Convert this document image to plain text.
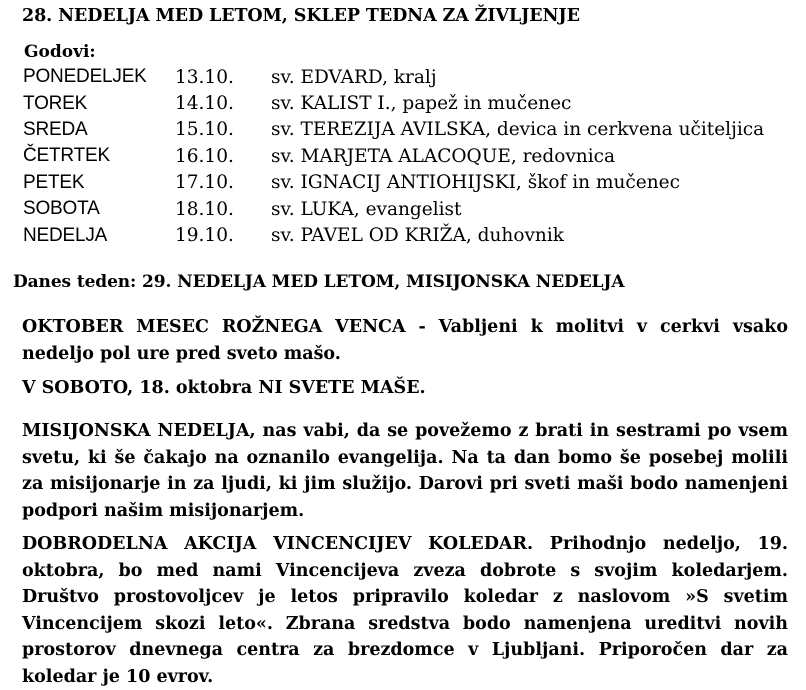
28. NEDELJA MED LETOM, SKLEP TEDNA ZA ŽIVLJENJE
Godovi:
PONEDELJEK	13.10.	sv. EDVARD, kralj
TOREK	14.10.	sv. KALIST I., papež in mučenec
SREDA	15.10.	sv. TEREZIJA AVILSKA, devica in cerkvena učiteljica
ČETRTEK	16.10.	sv. MARJETA ALACOQUE, redovnica
PETEK	17.10.	sv. IGNACIJ ANTIOHIJSKI, škof in mučenec
SOBOTA	18.10.	sv. LUKA, evangelist
NEDELJA	19.10.	sv. PAVEL OD KRIŽA, duhovnik
Danes teden: 29. NEDELJA MED LETOM, MISIJONSKA NEDELJA
OKTOBER MESEC ROŽNEGA VENCA - Vabljeni k molitvi v cerkvi vsako nedeljo pol ure pred sveto mašo.
V SOBOTO, 18. oktobra NI SVETE MAŠE.
MISIJONSKA NEDELJA, nas vabi, da se povežemo z brati in sestrami po vsem svetu, ki še čakajo na oznanilo evangelija. Na ta dan bomo še posebej molili za misijonarje in za ljudi, ki jim služijo. Darovi pri sveti maši bodo namenjeni podpori našim misijonarjem.
DOBRODELNA AKCIJA VINCENCIJEV KOLEDAR. Prihodnjo nedeljo, 19. oktobra, bo med nami Vincencijeva zveza dobrote s svojim koledarjem. Društvo prostovoljcev je letos pripravilo koledar z naslovom »S svetim Vincencijem skozi leto«. Zbrana sredstva bodo namenjena ureditvi novih prostorov dnevnega centra za brezdomce v Ljubljani. Priporočen dar za koledar je 10 evrov.
